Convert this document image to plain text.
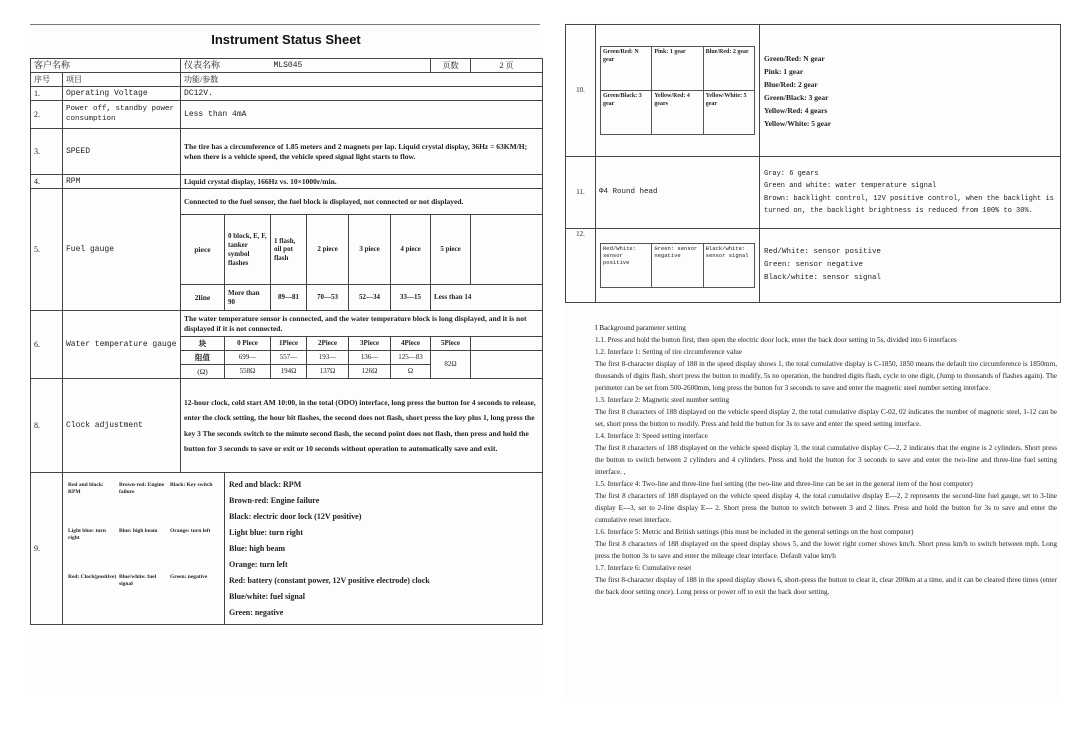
Instrument Status Sheet
客户名称	仪表名称	MLS045	页数	2 页
序号	项目	功能/参数
1.	Operating Voltage	DC12V.
2.	Power off, standby power consumption	Less than 4mA
3.	SPEED	The tire has a circumference of 1.85 meters and 2 magnets per lap. Liquid crystal display, 36Hz = 63KM/H; when there is a vehicle speed, the vehicle speed signal light starts to flow.
4.	RPM	Liquid crystal display, 166Hz vs. 10×1000r/min.
5.	Fuel gauge	Connected to the fuel sensor, the fuel block is displayed, not connected or not displayed.
piece	0 block, E, F, tanker symbol flashes	1 flash, oil pot flash	2 piece	3 piece	4 piece	5 piece	
2line	More than 90	89—81	70—53	52—34	33—15	Less than 14
6.	Water temperature gauge	The water temperature sensor is connected, and the water temperature block is long displayed, and it is not displayed if it is not connected.
块	0 Piece	1Piece	2Piece	3Piece	4Piece	5Piece	
阻值	699—	557—	193—	136—	125—83	82Ω	
(Ω)	558Ω	194Ω	137Ω	126Ω	Ω
8.	Clock adjustment	12-hour clock, cold start AM 10:00, in the total (ODO) interface, long press the button for 4 seconds to release, enter the clock setting, the hour bit flashes, the second does not flash, short press the key plus 1, long press the key 3 The seconds switch to the minute second flash, the second point does not flash, then press and hold the button for 3 seconds to save or exit or 10 seconds without operation to automatically save and exit.
9.	
Red and black: RPM	Brown-red: Engine failure	Black: Key switch
Light blue: turn right	Blue: high beam	Orange: turn left
Red: Clock(positive)	Blue/white: fuel signal	Green: negative

Red and black: RPM
Brown-red: Engine failure
Black: electric door lock (12V positive)
Light blue: turn right
Blue: high beam
Orange: turn left
Red: battery (constant power, 12V positive electrode) clock
Blue/white: fuel signal
Green: negative
10.	
Green/Red: N gear	Pink: 1 gear	Blue/Red: 2 gear
Green/Black: 3 gear	Yellow/Red: 4 gears	Yellow/White: 5 gear

Green/Red: N gear
Pink: 1 gear
Blue/Red: 2 gear
Green/Black: 3 gear
Yellow/Red: 4 gears
Yellow/White: 5 gear

11.	Φ4 Round head	
Gray: 6 gears
Green and white: water temperature signal
Brown: backlight control, 12V positive control, when the backlight is turned on, the backlight brightness is reduced from 100% to 30%.

12.	
Red/White: sensor positive	Green: sensor negative	Black/white: sensor signal
	Red/White: sensor positive
Green: sensor negative
Black/white: sensor signal
I Background parameter setting
1.1. Press and hold the button first, then open the electric door lock, enter the back door setting in 5s, divided into 6 interfaces
1.2. Interface 1: Setting of tire circumference value
The first 8-character display of 188 in the speed display shows 1, the total cumulative display is C-1850, 1850 means the default tire circumference is 1850mm, thousands of digits flash, short press the button to modify, 5s no operation, the hundred digits flash, cycle to one digit, (Jump to thousands of flashes again). The perimeter can be set from 500-2600mm, long press the button for 3 seconds to save and enter the magnetic steel number setting interface.
1.3. Interface 2: Magnetic steel number setting
The first 8 characters of 188 displayed on the vehicle speed display 2, the total cumulative display C-02, 02 indicates the number of magnetic steel, 1-12 can be set, short press the button to modify. Press and hold the button for 3s to save and enter the speed setting interface.
1.4. Interface 3: Speed setting interface
The first 8 characters of 188 displayed on the vehicle speed display 3, the total cumulative display C---2, 2 indicates that the engine is 2 cylinders. Short press the button to switch between 2 cylinders and 4 cylinders. Press and hold the button for 3 seconds to save and enter the two-line and three-line fuel setting interface. ,
1.5. Interface 4: Two-line and three-line fuel setting (the two-line and three-line can be set in the general item of the host computer)
The first 8 characters of 188 displayed on the vehicle speed display 4, the total cumulative display E---2, 2 represents the second-line fuel gauge, set to 3-line display E---3, set to 2-line display E--- 2. Short press the button to switch between 3 and 2 lines. Press and hold the button for 3s to save and enter the cumulative reset interface.
1.6. Interface 5: Metric and British settings (this must be included in the general settings on the host computer)
The first 8 characters of 188 displayed on the speed display shows 5, and the lower right corner shows km/h. Short press km/h to switch between mph. Long press the button 3s to save and enter the mileage clear interface. Default value km/h
1.7. Interface 6: Cumulative reset
The first 8-character display of 188 in the speed display shows 6, short-press the button to clear it, clear 200km at a time, and it can be cleared three times (enter the back door setting once). Long press or power off to exit the back door setting.
